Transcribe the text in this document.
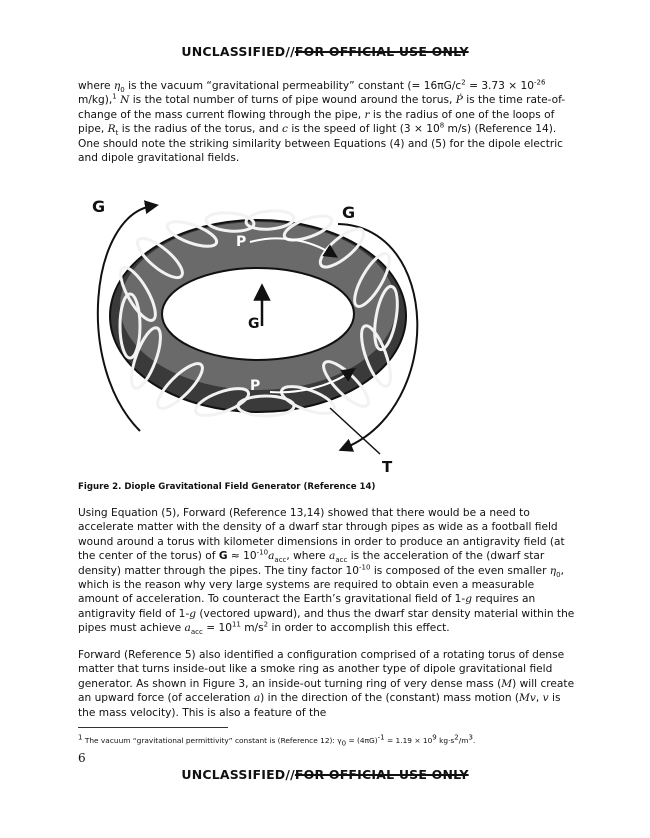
UNCLASSIFIED//FOR OFFICIAL USE ONLY

where $\eta_0$ is the vacuum “gravitational permeability” constant (= $16\pi G/c^2 = 3.73 \times 10^{-26}$ m/kg),$^1$ N is the total number of turns of pipe wound around the torus, Ṗ is the time rate-of-change of the mass current flowing through the pipe, r is the radius of one of the loops of pipe, $R_t$ is the radius of the torus, and c is the speed of light ($3 \times 10^8$ m/s) (Reference 14). One should note the striking similarity between Equations (4) and (5) for the dipole electric and dipole gravitational fields.

G	G
P
P
G
T

Figure 2. Diople Gravitational Field Generator (Reference 14)

Using Equation (5), Forward (Reference 13,14) showed that there would be a need to accelerate matter with the density of a dwarf star through pipes as wide as a football field wound around a torus with kilometer dimensions in order to produce an antigravity field (at the center of the torus) of $G \approx 10^{-10}a_{acc}$, where $a_{acc}$ is the acceleration of the (dwarf star density) matter through the pipes. The tiny factor $10^{-10}$ is composed of the even smaller $\eta_0$, which is the reason why very large systems are required to obtain even a measurable amount of acceleration. To counteract the Earth’s gravitational field of 1-g requires an antigravity field of 1-g (vectored upward), and thus the dwarf star density material within the pipes must achieve $a_{acc} = 10^{11}$ $m/s^2$ in order to accomplish this effect.

Forward (Reference 5) also identified a configuration comprised of a rotating torus of dense matter that turns inside-out like a smoke ring as another type of dipole gravitational field generator. As shown in Figure 3, an inside-out turning ring of very dense mass (M) will create an upward force (of acceleration a) in the direction of the (constant) mass motion (Mv, v is the mass velocity). This is also a feature of the

$^1$ The vacuum “gravitational permittivity” constant is (Reference 12): $\gamma_0 = (4\pi G)^{-1} = 1.19 \times 10^9$ $kg\cdot s^2/m^3$.

6

UNCLASSIFIED//FOR OFFICIAL USE ONLY
